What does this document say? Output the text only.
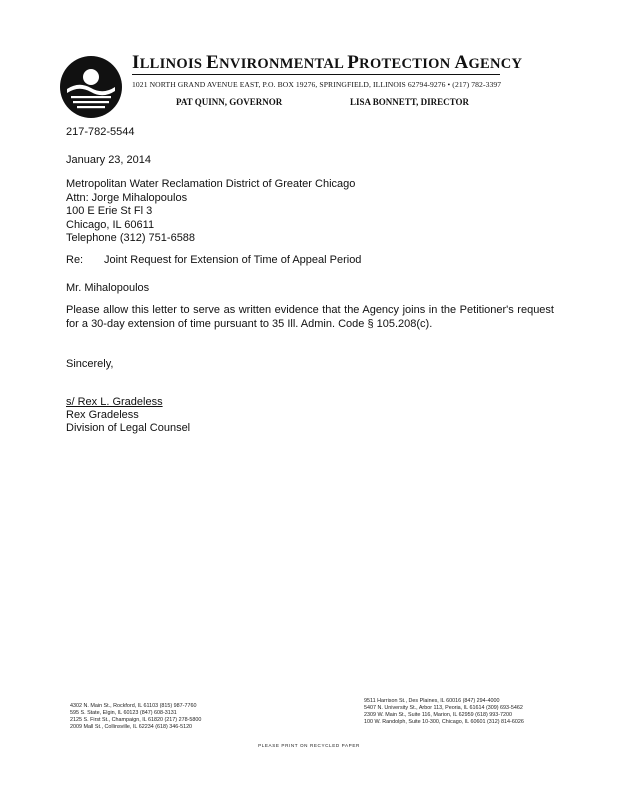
ILLINOIS ENVIRONMENTAL PROTECTION AGENCY
1021 NORTH GRAND AVENUE EAST, P.O. BOX 19276, SPRINGFIELD, ILLINOIS 62794-9276 • (217) 782-3397
PAT QUINN, GOVERNOR	LISA BONNETT, DIRECTOR
217-782-5544
January 23, 2014
Metropolitan Water Reclamation District of Greater Chicago
Attn: Jorge Mihalopoulos
100 E Erie St Fl 3
Chicago, IL 60611
Telephone (312) 751-6588
Re: Joint Request for Extension of Time of Appeal Period
Mr. Mihalopoulos
Please allow this letter to serve as written evidence that the Agency joins in the Petitioner's request for a 30-day extension of time pursuant to 35 Ill. Admin. Code § 105.208(c).
Sincerely,
s/ Rex L. Gradeless
Rex Gradeless
Division of Legal Counsel
4302 N. Main St., Rockford, IL 61103 (815) 987-7760
595 S. State, Elgin, IL 60123 (847) 608-3131
2125 S. First St., Champaign, IL 61820 (217) 278-5800
2009 Mall St., Collinsville, IL 62234 (618) 346-5120
9511 Harrison St., Des Plaines, IL 60016 (847) 294-4000
5407 N. University St., Arbor 113, Peoria, IL 61614 (309) 693-5462
2309 W. Main St., Suite 116, Marion, IL 62959 (618) 993-7200
100 W. Randolph, Suite 10-300, Chicago, IL 60601 (312) 814-6026
PLEASE PRINT ON RECYCLED PAPER
